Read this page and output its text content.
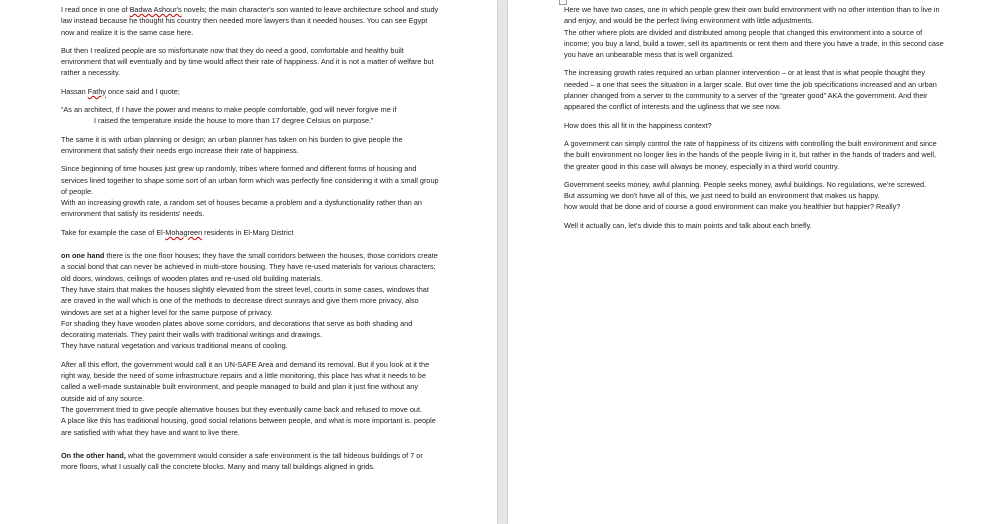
I read once in one of Badwa Ashour's novels; the main character's son wanted to leave architecture school and study law instead because he thought his country then needed more lawyers than it needed houses. You can see Egypt now and realize it is the same case here.

But then I realized people are so misfortunate now that they do need a good, comfortable and healthy built environment that will eventually and by time would affect their rate of happiness. And it is not a matter of welfare but rather a necessity.

Hassan Fathy once said and I quote;

“As an architect, If I have the power and means to make people comfortable, god will never forgive me if
I raised the temperature inside the house to more than 17 degree Celsius on purpose.”

The same it is with urban planning or design; an urban planner has taken on his burden to give people the environment that satisfy their needs ergo increase their rate of happiness.

Since beginning of time houses just grew up randomly, tribes where formed and different forms of housing and services lined together to shape some sort of an urban form which was perfectly fine considering it with a small group of people.

With an increasing growth rate, a random set of houses became a problem and a dysfunctionality rather than an environment that satisfy its residents' needs.

Take for example the case of El-Mohagreen residents in El-Marg District

on one hand there is the one floor houses; they have the small corridors between the houses, those corridors create a social bond that can never be achieved in multi-store housing. They have re-used materials for various characters; old doors, windows, ceilings of wooden plates and re-used old building materials.

They have stairs that makes the houses slightly elevated from the street level, courts in some cases, windows that are craved in the wall which is one of the methods to decrease direct sunrays and give them more privacy, also windows are set at a higher level for the same purpose of privacy.

For shading they have wooden plates above some corridors, and decorations that serve as both shading and decorating materials. They paint their walls with traditional writings and drawings.

They have natural vegetation and various traditional means of cooling.

After all this effort, the government would call it an UN-SAFE Area and demand its removal. But if you look at it the right way, beside the need of some infrastructure repairs and a little monitoring, this place has what it needs to be called a well-made sustainable built environment, and people managed to build and plan it just fine without any outside aid of any source.

The government tried to give people alternative houses but they eventually came back and refused to move out.

A place like this has traditional housing, good social relations between people, and what is more important is. people are satisfied with what they have and want to live there.

On the other hand, what the government would consider a safe environment is the tall hideous buildings of 7 or more floors, what I usually call the concrete blocks. Many and many tall buildings aligned in grids.

Here we have two cases, one in which people grew their own build environment with no other intention than to live in and enjoy, and would be the perfect living environment with little adjustments.

The other where plots are divided and distributed among people that changed this environment into a source of income; you buy a land, build a tower, sell its apartments or rent them and there you have a trade, in this second case you have an unbearable mess that is well organized.

The increasing growth rates required an urban planner intervention – or at least that is what people thought they needed – a one that sees the situation in a larger scale. But over time the job specifications increased and an urban planner changed from a server to the community to a server of the “greater good” AKA the government. And their appeared the conflict of interests and the ugliness that we see now.

How does this all fit in the happiness context?

A government can simply control the rate of happiness of its citizens with controlling the built environment and since the built environment no longer lies in the hands of the people living in it, but rather in the hands of traders and well, the greater good in this case will always be money, especially in a third world country.

Government seeks money, awful planning. People seeks money, awful buildings. No regulations, we're screwed.

But assuming we don't have all of this, we just need to build an environment that makes us happy.

how would that be done and of course a good environment can make you healthier but happier? Really?

Well it actually can, let's divide this to main points and talk about each briefly.
